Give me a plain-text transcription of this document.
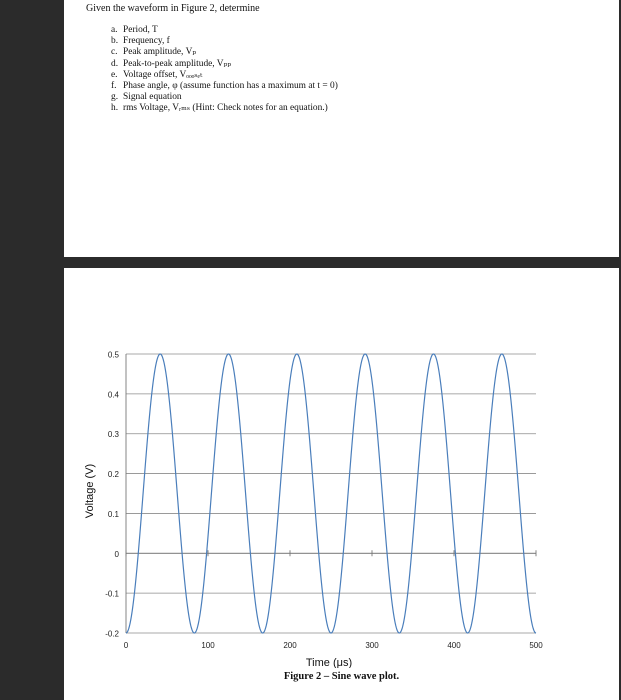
Given the waveform in Figure 2, determine
a. Period, T
b. Frequency, f
c. Peak amplitude, Vₚ
d. Peak-to-peak amplitude, Vₚₚ
e. Voltage offset, Vₒₒₒₛₑₜ
f. Phase angle, φ (assume function has a maximum at t = 0)
g. Signal equation
h. rms Voltage, Vᵣₘₛ (Hint: Check notes for an equation.)
-0.2
-0.1
0
0.1
0.2
0.3
0.4
0.5
0	100	200	300	400	500
Time (μs)
Voltage (V)
Figure 2 – Sine wave plot.
